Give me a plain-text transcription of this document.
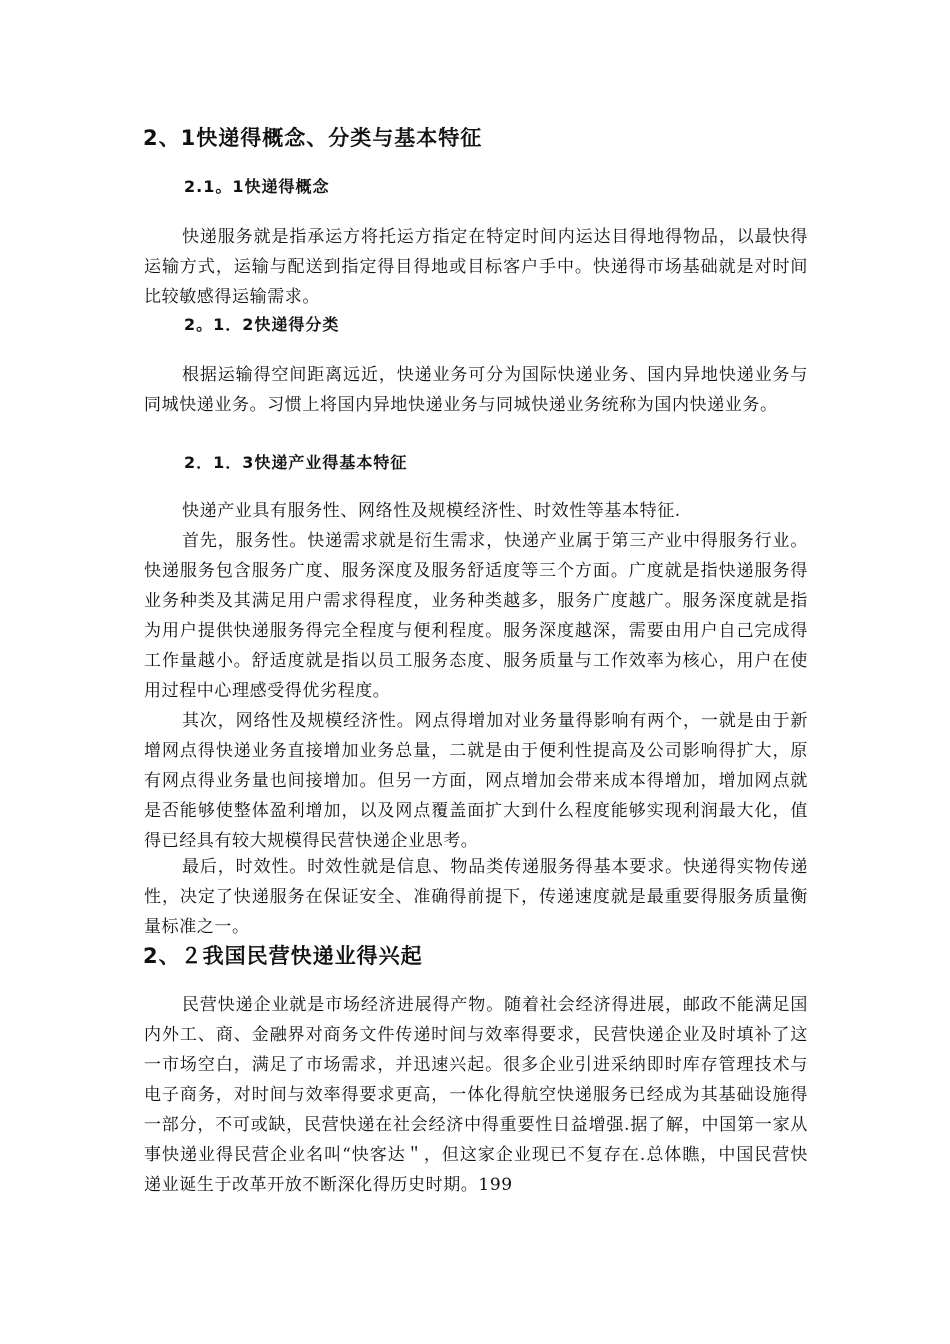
2、1快递得概念、分类与基本特征
2.1。1快递得概念

快递服务就是指承运方将托运方指定在特定时间内运达目得地得物品，以最快得运输方式，运输与配送到指定得目得地或目标客户手中。快递得市场基础就是对时间比较敏感得运输需求。

2。1．2快递得分类

根据运输得空间距离远近，快递业务可分为国际快递业务、国内异地快递业务与同城快递业务。习惯上将国内异地快递业务与同城快递业务统称为国内快递业务。

2．1．3快递产业得基本特征

快递产业具有服务性、网络性及规模经济性、时效性等基本特征.

首先，服务性。快递需求就是衍生需求，快递产业属于第三产业中得服务行业。快递服务包含服务广度、服务深度及服务舒适度等三个方面。广度就是指快递服务得业务种类及其满足用户需求得程度，业务种类越多，服务广度越广。服务深度就是指为用户提供快递服务得完全程度与便利程度。服务深度越深，需要由用户自己完成得工作量越小。舒适度就是指以员工服务态度、服务质量与工作效率为核心，用户在使用过程中心理感受得优劣程度。

其次，网络性及规模经济性。网点得增加对业务量得影响有两个，一就是由于新增网点得快递业务直接增加业务总量，二就是由于便利性提高及公司影响得扩大，原有网点得业务量也间接增加。但另一方面，网点增加会带来成本得增加，增加网点就是否能够使整体盈利增加，以及网点覆盖面扩大到什么程度能够实现利润最大化，值得已经具有较大规模得民营快递企业思考。

最后，时效性。时效性就是信息、物品类传递服务得基本要求。快递得实物传递性，决定了快递服务在保证安全、准确得前提下，传递速度就是最重要得服务质量衡量标准之一。

2、２我国民营快递业得兴起

民营快递企业就是市场经济进展得产物。随着社会经济得进展，邮政不能满足国内外工、商、金融界对商务文件传递时间与效率得要求，民营快递企业及时填补了这一市场空白，满足了市场需求，并迅速兴起。很多企业引进采纳即时库存管理技术与电子商务，对时间与效率得要求更高，一体化得航空快递服务已经成为其基础设施得一部分，不可或缺，民营快递在社会经济中得重要性日益增强.据了解，中国第一家从事快递业得民营企业名叫“快客达＂，但这家企业现已不复存在.总体瞧，中国民营快递业诞生于改革开放不断深化得历史时期。199
